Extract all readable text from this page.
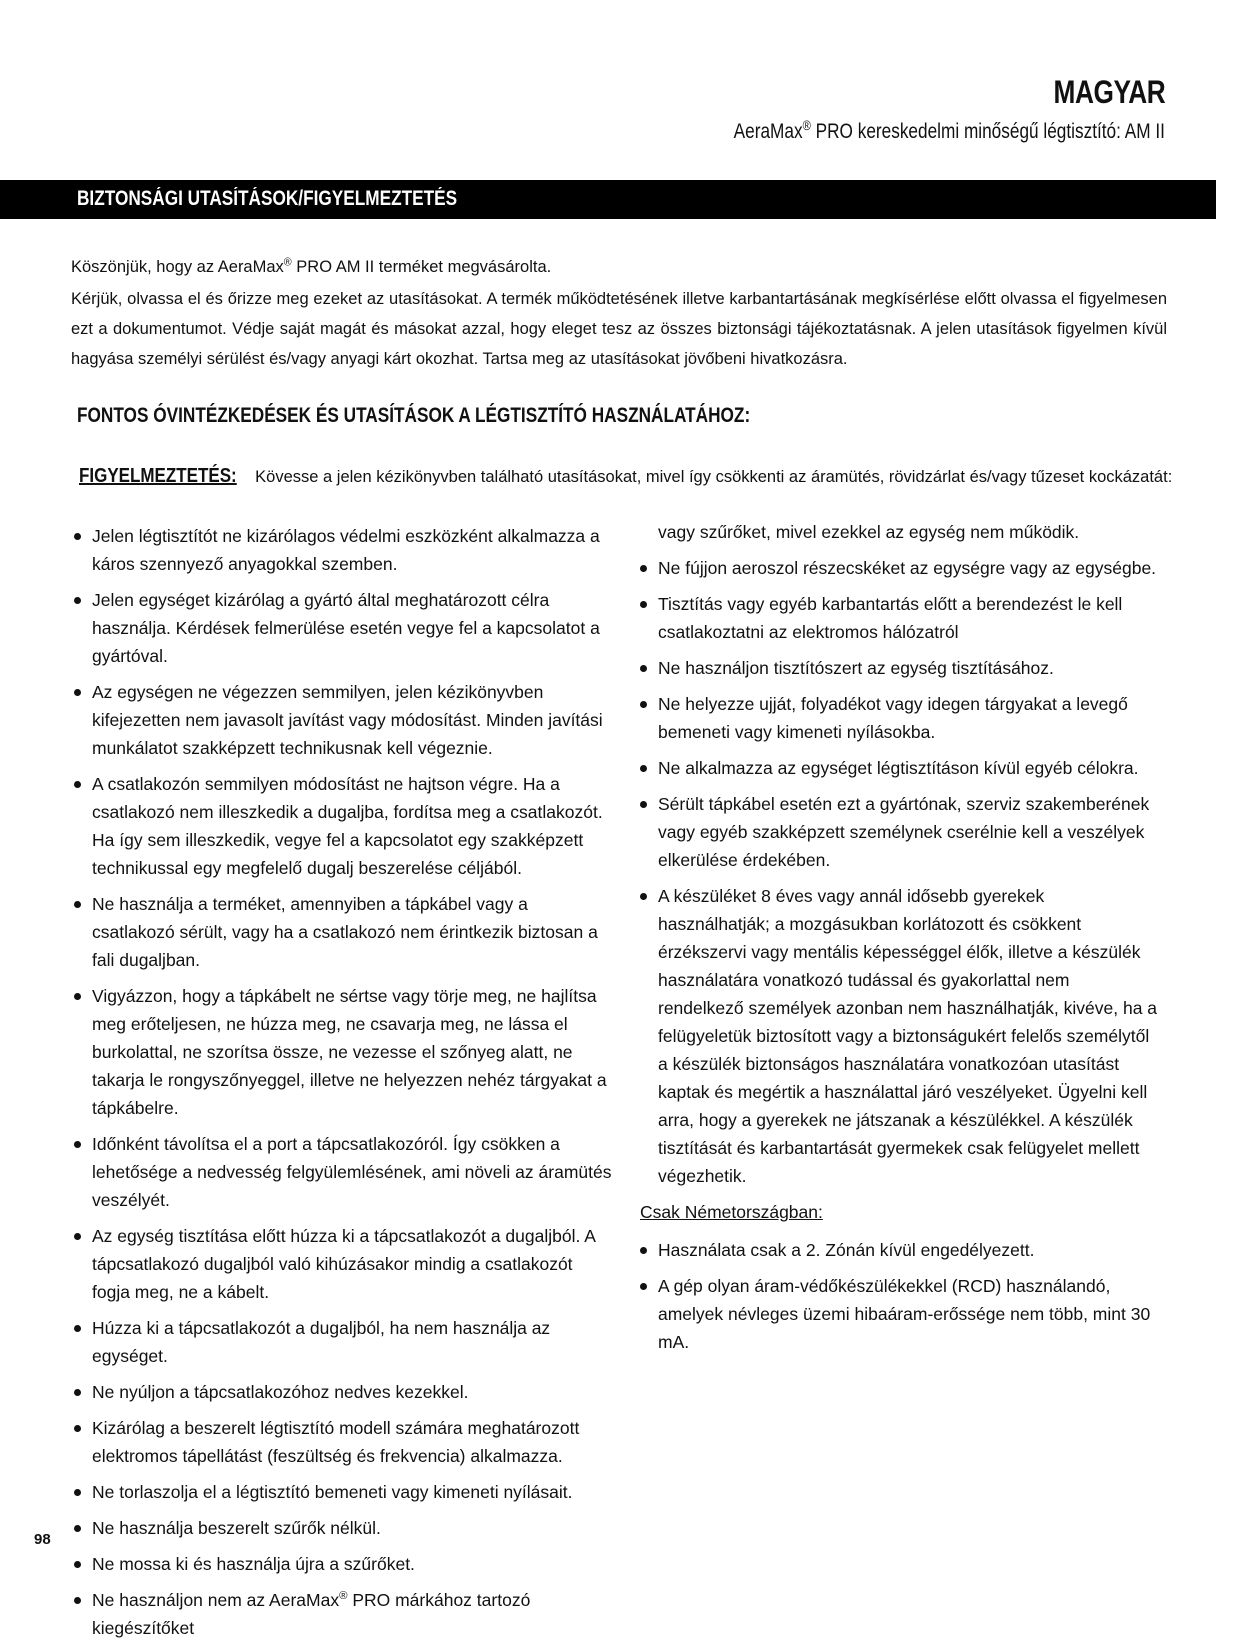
MAGYAR
AeraMax® PRO kereskedelmi minőségű légtisztító: AM II
BIZTONSÁGI UTASÍTÁSOK/FIGYELMEZTETÉS

Köszönjük, hogy az AeraMax® PRO AM II terméket megvásárolta.

Kérjük, olvassa el és őrizze meg ezeket az utasításokat. A termék működtetésének illetve karbantartásának megkísérlése előtt olvassa el figyelmesen ezt a dokumentumot. Védje saját magát és másokat azzal, hogy eleget tesz az összes biztonsági tájékoztatásnak. A jelen utasítások figyelmen kívül hagyása személyi sérülést és/vagy anyagi kárt okozhat. Tartsa meg az utasításokat jövőbeni hivatkozásra.

FONTOS ÓVINTÉZKEDÉSEK ÉS UTASÍTÁSOK A LÉGTISZTÍTÓ HASZNÁLATÁHOZ:
FIGYELMEZTETÉS: Kövesse a jelen kézikönyvben található utasításokat, mivel így csökkenti az áramütés, rövidzárlat és/vagy tűzeset kockázatát:
Jelen légtisztítót ne kizárólagos védelmi eszközként alkalmazza a káros szennyező anyagokkal szemben.
Jelen egységet kizárólag a gyártó által meghatározott célra használja. Kérdések felmerülése esetén vegye fel a kapcsolatot a gyártóval.
Az egységen ne végezzen semmilyen, jelen kézikönyvben kifejezetten nem javasolt javítást vagy módosítást. Minden javítási munkálatot szakképzett technikusnak kell végeznie.
A csatlakozón semmilyen módosítást ne hajtson végre. Ha a csatlakozó nem illeszkedik a dugaljba, fordítsa meg a csatlakozót. Ha így sem illeszkedik, vegye fel a kapcsolatot egy szakképzett technikussal egy megfelelő dugalj beszerelése céljából.
Ne használja a terméket, amennyiben a tápkábel vagy a csatlakozó sérült, vagy ha a csatlakozó nem érintkezik biztosan a fali dugaljban.
Vigyázzon, hogy a tápkábelt ne sértse vagy törje meg, ne hajlítsa meg erőteljesen, ne húzza meg, ne csavarja meg, ne lássa el burkolattal, ne szorítsa össze, ne vezesse el szőnyeg alatt, ne takarja le rongyszőnyeggel, illetve ne helyezzen nehéz tárgyakat a tápkábelre.
Időnként távolítsa el a port a tápcsatlakozóról. Így csökken a lehetősége a nedvesség felgyülemlésének, ami növeli az áramütés veszélyét.
Az egység tisztítása előtt húzza ki a tápcsatlakozót a dugaljból. A tápcsatlakozó dugaljból való kihúzásakor mindig a csatlakozót fogja meg, ne a kábelt.
Húzza ki a tápcsatlakozót a dugaljból, ha nem használja az egységet.
Ne nyúljon a tápcsatlakozóhoz nedves kezekkel.
Kizárólag a beszerelt légtisztító modell számára meghatározott elektromos tápellátást (feszültség és frekvencia) alkalmazza.
Ne torlaszolja el a légtisztító bemeneti vagy kimeneti nyílásait.
Ne használja beszerelt szűrők nélkül.
Ne mossa ki és használja újra a szűrőket.
Ne használjon nem az AeraMax® PRO márkához tartozó kiegészítőket
vagy szűrőket, mivel ezekkel az egység nem működik.
Ne fújjon aeroszol részecskéket az egységre vagy az egységbe.
Tisztítás vagy egyéb karbantartás előtt a berendezést le kell csatlakoztatni az elektromos hálózatról
Ne használjon tisztítószert az egység tisztításához.
Ne helyezze ujját, folyadékot vagy idegen tárgyakat a levegő bemeneti vagy kimeneti nyílásokba.
Ne alkalmazza az egységet légtisztításon kívül egyéb célokra.
Sérült tápkábel esetén ezt a gyártónak, szerviz szakemberének vagy egyéb szakképzett személynek cserélnie kell a veszélyek elkerülése érdekében.
A készüléket 8 éves vagy annál idősebb gyerekek használhatják; a mozgásukban korlátozott és csökkent érzékszervi vagy mentális képességgel élők, illetve a készülék használatára vonatkozó tudással és gyakorlattal nem rendelkező személyek azonban nem használhatják, kivéve, ha a felügyeletük biztosított vagy a biztonságukért felelős személytől a készülék biztonságos használatára vonatkozóan utasítást kaptak és megértik a használattal járó veszélyeket. Ügyelni kell arra, hogy a gyerekek ne játszanak a készülékkel. A készülék tisztítását és karbantartását gyermekek csak felügyelet mellett végezhetik.
Csak Németországban:
Használata csak a 2. Zónán kívül engedélyezett.
A gép olyan áram-védőkészülékekkel (RCD) használandó, amelyek névleges üzemi hibaáram-erőssége nem több, mint 30 mA.
98
